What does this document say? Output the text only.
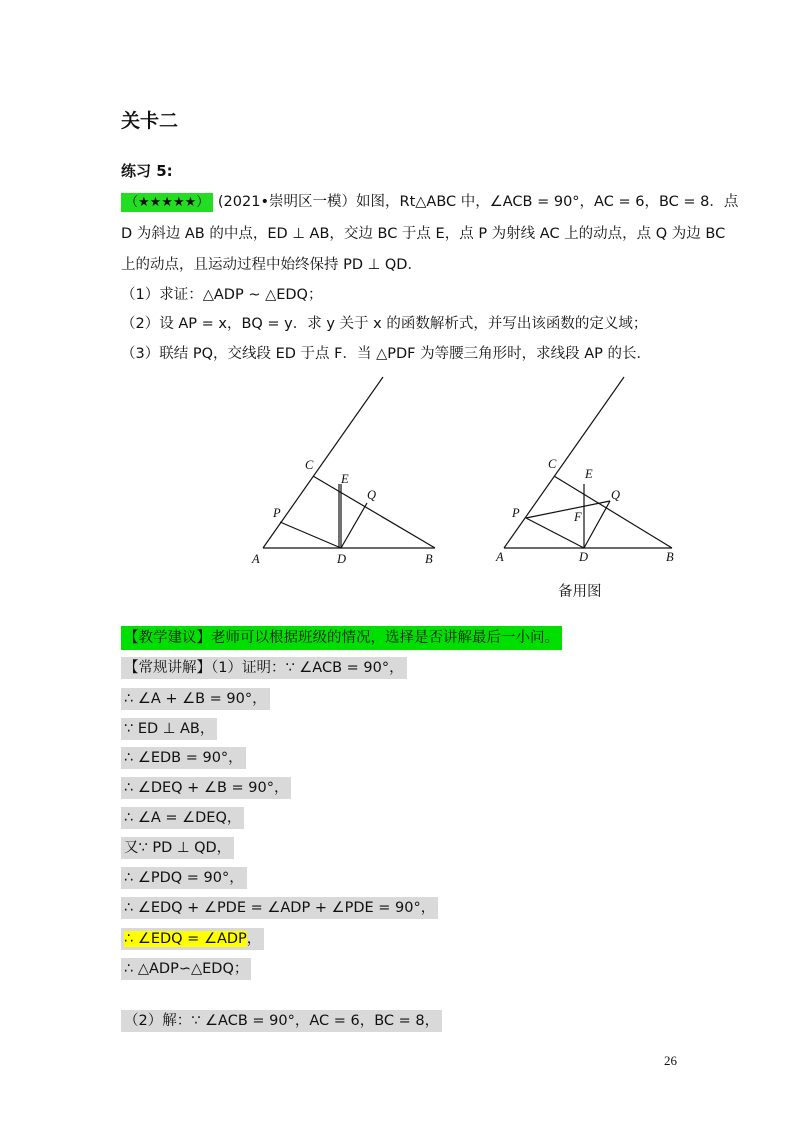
关卡二
练习 5:
（★★★★★） (2021•崇明区一模）如图，Rt△ABC 中，∠ACB = 90°，AC = 6，BC = 8．点
D 为斜边 AB 的中点，ED ⊥ AB，交边 BC 于点 E，点 P 为射线 AC 上的动点，点 Q 为边 BC
上的动点，且运动过程中始终保持 PD ⊥ QD．
（1）求证：△ADP ~ △EDQ；
（2）设 AP = x，BQ = y．求 y 关于 x 的函数解析式，并写出该函数的定义域；
（3）联结 PQ，交线段 ED 于点 F．当 △PDF 为等腰三角形时，求线段 AP 的长．
C
E
Q
P
A	D	B
C
E
Q
P	F
A	D	B
备用图
【教学建议】老师可以根据班级的情况，选择是否讲解最后一小问。
【常规讲解】（1）证明：∵ ∠ACB = 90°，
∴ ∠A + ∠B = 90°，
∵ ED ⊥ AB，
∴ ∠EDB = 90°，
∴ ∠DEQ + ∠B = 90°，
∴ ∠A = ∠DEQ，
又∵ PD ⊥ QD，
∴ ∠PDQ = 90°，
∴ ∠EDQ + ∠PDE = ∠ADP + ∠PDE = 90°，
∴ ∠EDQ = ∠ADP，
∴ △ADP∽△EDQ；
（2）解：∵ ∠ACB = 90°，AC = 6，BC = 8，
26
